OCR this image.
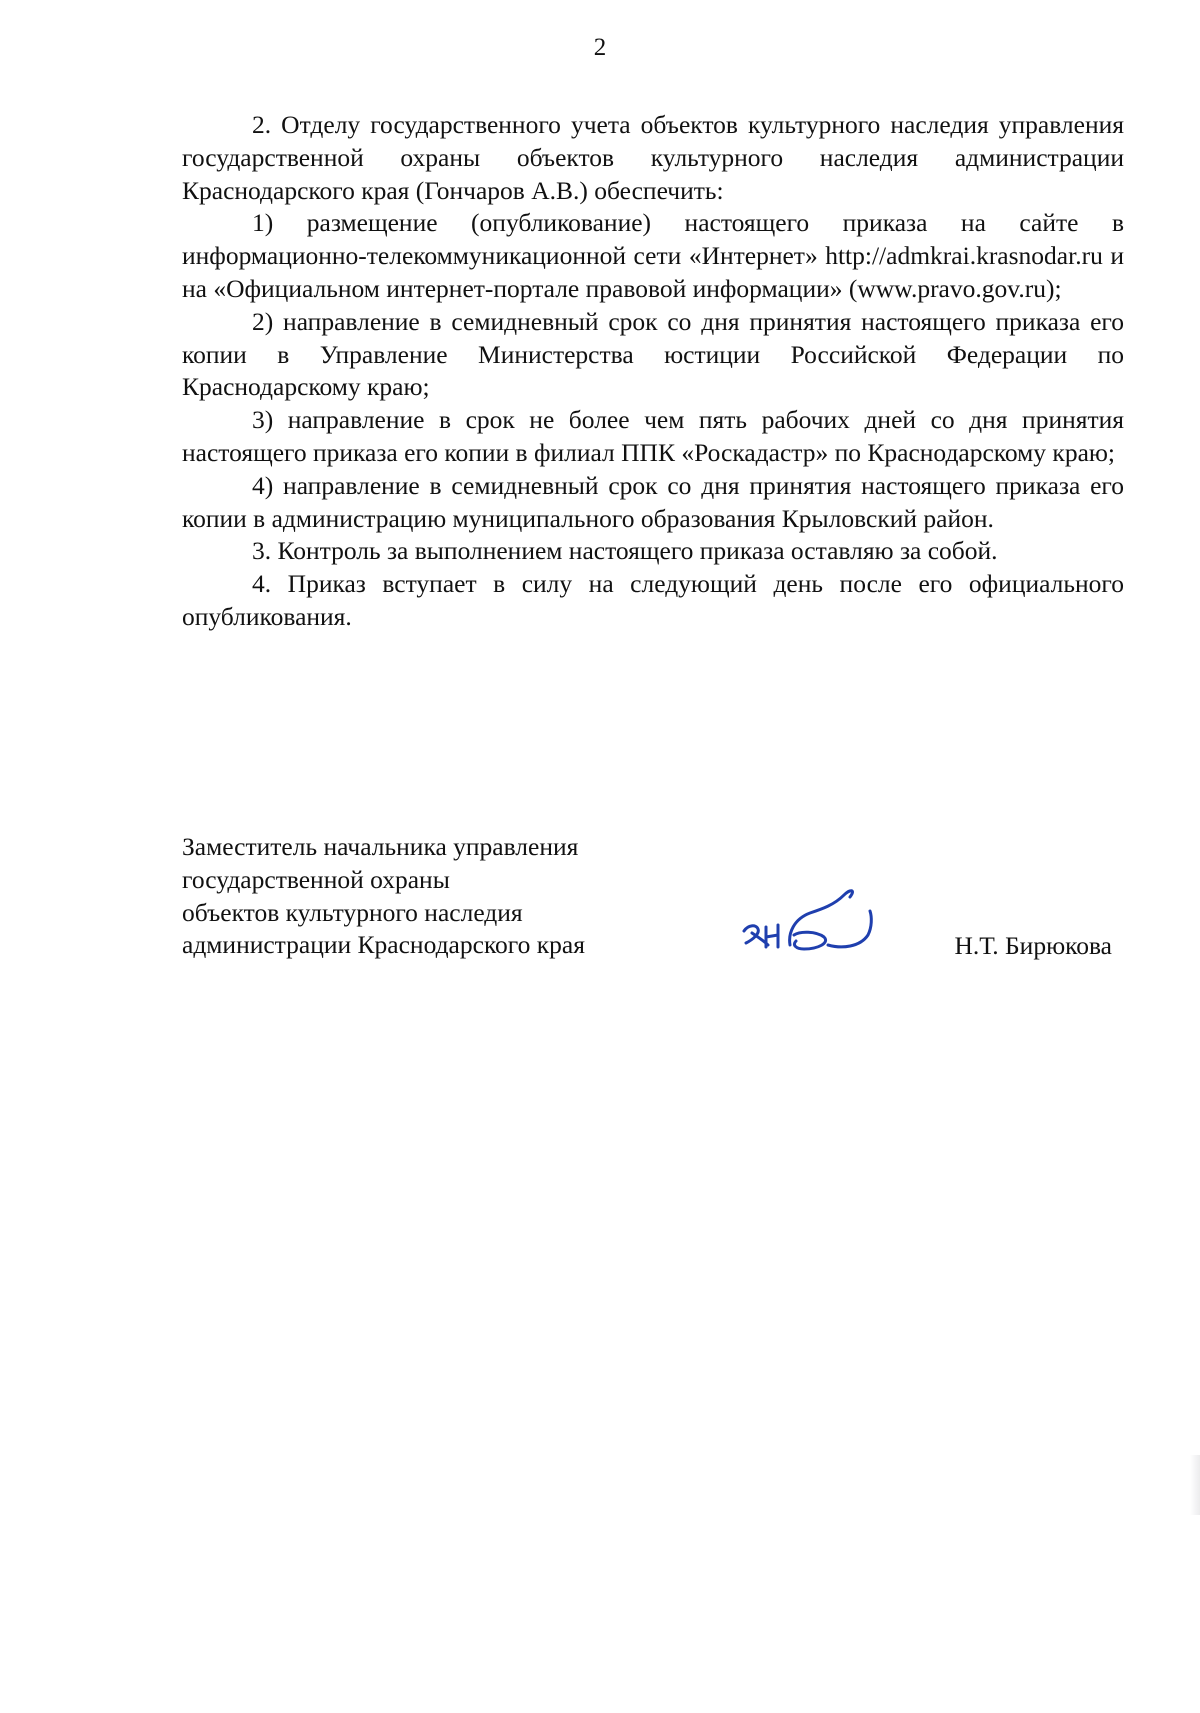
2

2. Отделу государственного учета объектов культурного наследия управления государственной охраны объектов культурного наследия администрации Краснодарского края (Гончаров А.В.) обеспечить:

1) размещение (опубликование) настоящего приказа на сайте в информационно-телекоммуникационной сети «Интернет» http://admkrai.krasnodar.ru и на «Официальном интернет-портале правовой информации» (www.pravo.gov.ru);

2) направление в семидневный срок со дня принятия настоящего приказа его копии в Управление Министерства юстиции Российской Федерации по Краснодарскому краю;

3) направление в срок не более чем пять рабочих дней со дня принятия настоящего приказа его копии в филиал ППК «Роскадастр» по Краснодарскому краю;

4) направление в семидневный срок со дня принятия настоящего приказа его копии в администрацию муниципального образования Крыловский район.

3. Контроль за выполнением настоящего приказа оставляю за собой.

4. Приказ вступает в силу на следующий день после его официального опубликования.

Заместитель начальника управления
государственной охраны
объектов культурного наследия
администрации Краснодарского края	Н.Т. Бирюкова
